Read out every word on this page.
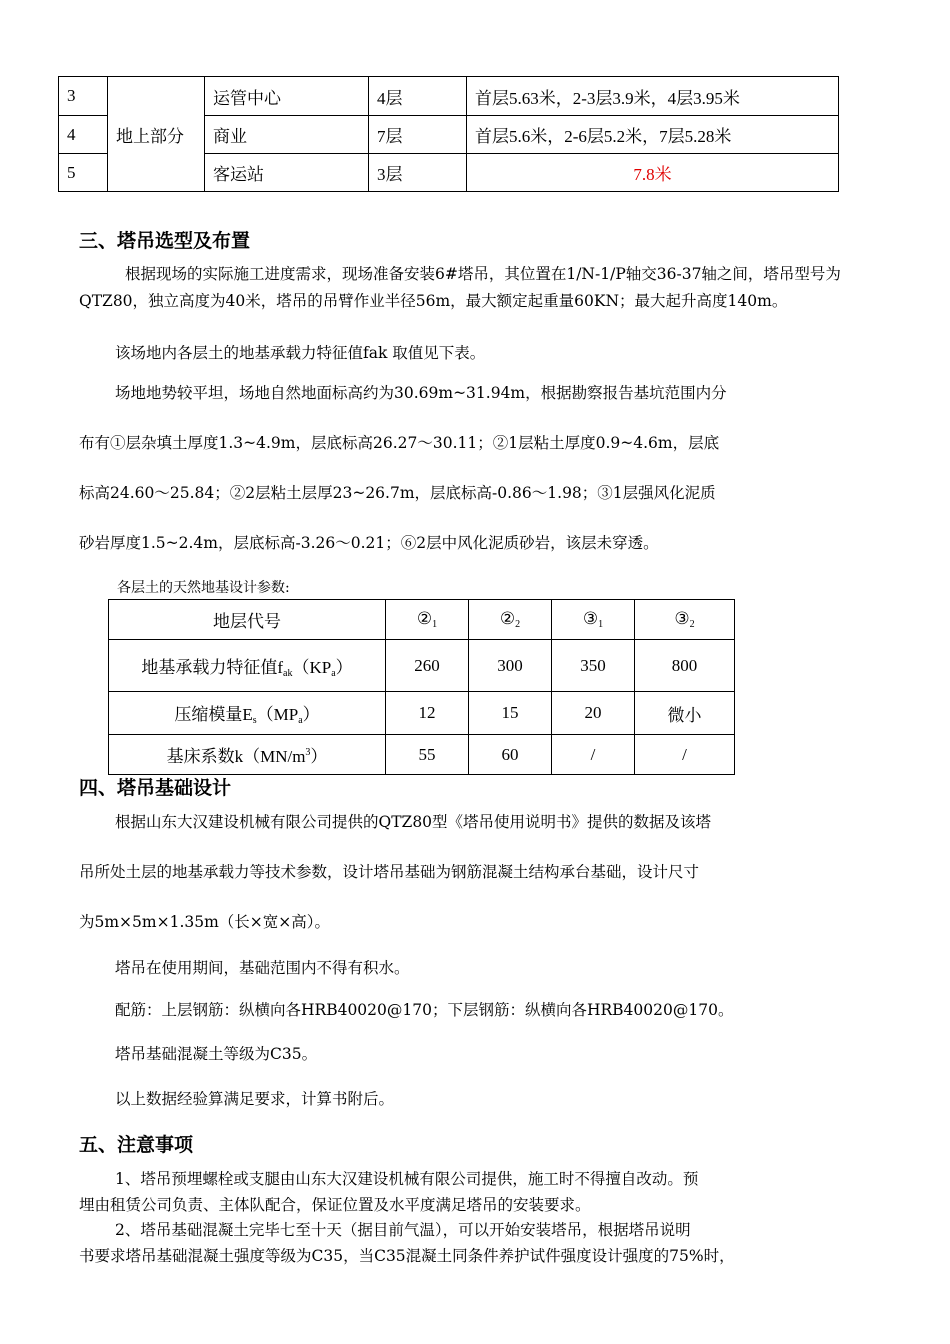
3	地上部分	运管中心	4层	首层5.63米，2-3层3.9米，4层3.95米
4		商业	7层	首层5.6米，2-6层5.2米，7层5.28米
5		客运站	3层	7.8米
三、塔吊选型及布置
根据现场的实际施工进度需求，现场准备安装6#塔吊，其位置在1/N-1/P轴交36-37轴之间，塔吊型号为QTZ80，独立高度为40米，塔吊的吊臂作业半径56m，最大额定起重量60KN；最大起升高度140m。
该场地内各层土的地基承载力特征值fak 取值见下表。
场地地势较平坦，场地自然地面标高约为30.69m~31.94m，根据勘察报告基坑范围内分
布有①层杂填土厚度1.3~4.9m，层底标高26.27～30.11；②1层粘土厚度0.9~4.6m，层底
标高24.60～25.84；②2层粘土层厚23~26.7m，层底标高-0.86～1.98；③1层强风化泥质
砂岩厚度1.5~2.4m，层底标高-3.26～0.21；⑥2层中风化泥质砂岩，该层未穿透。
各层土的天然地基设计参数:
地层代号	$②_1$	$②_2$	$③_1$	$③_2$
地基承载力特征值$f_{ak}(KP_a)$	260	300	350	800
压缩模量$E_s(MP_a)$	12	15	20	微小
基床系数$k(MN/m^3)$	55	60	/	/
四、塔吊基础设计
根据山东大汉建设机械有限公司提供的QTZ80型《塔吊使用说明书》提供的数据及该塔
吊所处土层的地基承载力等技术参数，设计塔吊基础为钢筋混凝土结构承台基础，设计尺寸
为5m×5m×1.35m（长×宽×高）。
塔吊在使用期间，基础范围内不得有积水。
配筋：上层钢筋：纵横向各HRB40020@170；下层钢筋：纵横向各HRB40020@170。
塔吊基础混凝土等级为C35。
以上数据经验算满足要求，计算书附后。
五、注意事项
1、塔吊预埋螺栓或支腿由山东大汉建设机械有限公司提供，施工时不得擅自改动。预
埋由租赁公司负责、主体队配合，保证位置及水平度满足塔吊的安装要求。
2、塔吊基础混凝土完毕七至十天（据目前气温），可以开始安装塔吊，根据塔吊说明
书要求塔吊基础混凝土强度等级为C35，当C35混凝土同条件养护试件强度设计强度的75%时，
